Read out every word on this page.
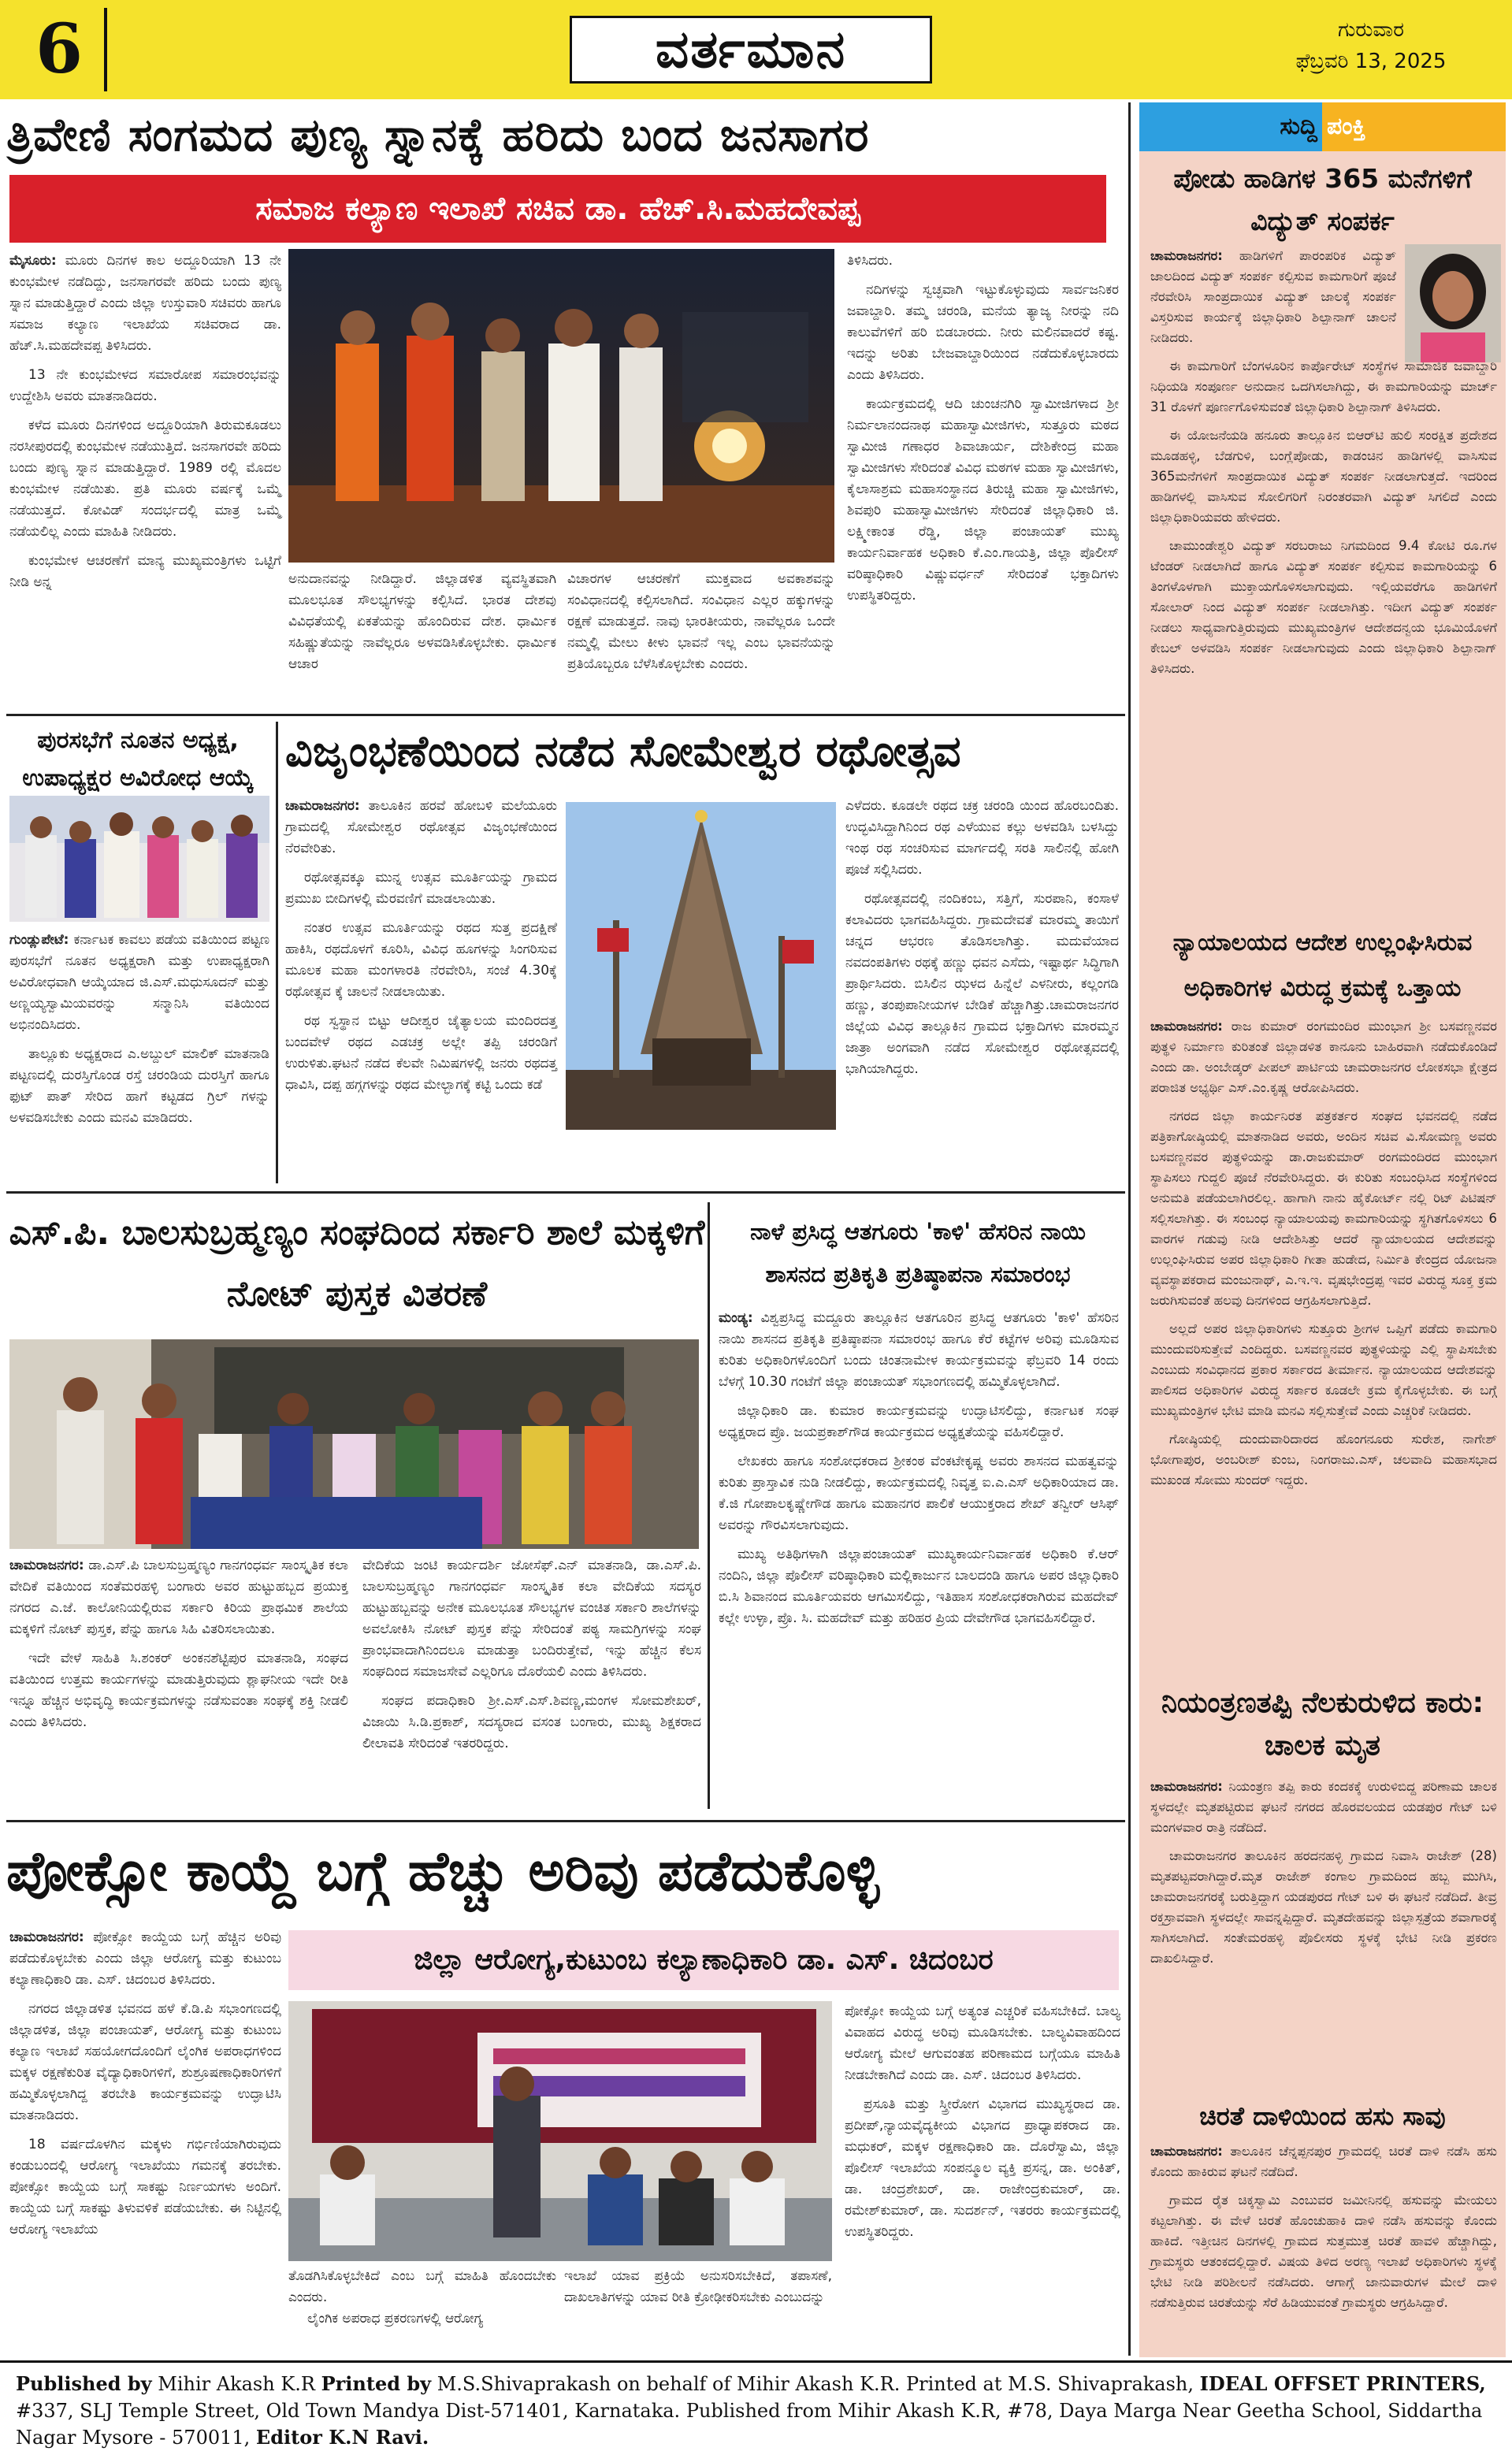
6	ವರ್ತಮಾನ	ಗುರುವಾರ
ಫೆಬ್ರವರಿ 13, 2025
ತ್ರಿವೇಣಿ ಸಂಗಮದ ಪುಣ್ಯ ಸ್ನಾನಕ್ಕೆ ಹರಿದು ಬಂದ ಜನಸಾಗರ
ಸಮಾಜ ಕಲ್ಯಾಣ ಇಲಾಖೆ ಸಚಿವ ಡಾ. ಹೆಚ್.ಸಿ.ಮಹದೇವಪ್ಪ

ಮೈಸೂರು: ಮೂರು ದಿನಗಳ ಕಾಲ ಅದ್ದೂರಿಯಾಗಿ 13 ನೇ ಕುಂಭಮೇಳ ನಡೆದಿದ್ದು, ಜನಸಾಗರವೇ ಹರಿದು ಬಂದು ಪುಣ್ಯ ಸ್ನಾನ ಮಾಡುತ್ತಿದ್ದಾರೆ ಎಂದು ಜಿಲ್ಲಾ ಉಸ್ತುವಾರಿ ಸಚಿವರು ಹಾಗೂ ಸಮಾಜ ಕಲ್ಯಾಣ ಇಲಾಖೆಯ ಸಚಿವರಾದ ಡಾ. ಹೆಚ್.ಸಿ.ಮಹದೇವಪ್ಪ ತಿಳಿಸಿದರು.

13 ನೇ ಕುಂಭಮೇಳದ ಸಮಾರೋಪ ಸಮಾರಂಭವನ್ನು ಉದ್ದೇಶಿಸಿ ಅವರು ಮಾತನಾಡಿದರು.

ಕಳೆದ ಮೂರು ದಿನಗಳಿಂದ ಅದ್ದೂರಿಯಾಗಿ ತಿರುಮಕೂಡಲು ನರಸೀಪುರದಲ್ಲಿ ಕುಂಭಮೇಳ ನಡೆಯುತ್ತಿದೆ. ಜನಸಾಗರವೇ ಹರಿದು ಬಂದು ಪುಣ್ಯ ಸ್ನಾನ ಮಾಡುತ್ತಿದ್ದಾರೆ. 1989 ರಲ್ಲಿ ಮೊದಲ ಕುಂಭಮೇಳ ನಡೆಯಿತು. ಪ್ರತಿ ಮೂರು ವರ್ಷಕ್ಕೆ ಒಮ್ಮೆ ನಡೆಯುತ್ತದೆ. ಕೋವಿಡ್ ಸಂದರ್ಭದಲ್ಲಿ ಮಾತ್ರ ಒಮ್ಮೆ ನಡೆಯಲಿಲ್ಲ ಎಂದು ಮಾಹಿತಿ ನೀಡಿದರು.

ಕುಂಭಮೇಳ ಆಚರಣೆಗೆ ಮಾನ್ಯ ಮುಖ್ಯಮಂತ್ರಿಗಳು ಒಟ್ಟಿಗೆ ನೀಡಿ ಅನ್ನ	ಅನುದಾನವನ್ನು ನೀಡಿದ್ದಾರೆ. ಜಿಲ್ಲಾಡಳಿತ ವ್ಯವಸ್ಥಿತವಾಗಿ ಮೂಲಭೂತ ಸೌಲಭ್ಯಗಳನ್ನು ಕಲ್ಪಿಸಿದೆ. ಭಾರತ ದೇಶವು ವಿವಿಧತೆಯಲ್ಲಿ ಏಕತೆಯನ್ನು ಹೊಂದಿರುವ ದೇಶ. ಧಾರ್ಮಿಕ ಸಹಿಷ್ಣುತೆಯನ್ನು ನಾವೆಲ್ಲರೂ ಅಳವಡಿಸಿಕೊಳ್ಳಬೇಕು. ಧಾರ್ಮಿಕ ಆಚಾರ
ವಿಚಾರಗಳ ಆಚರಣೆಗೆ ಮುಕ್ತವಾದ ಅವಕಾಶವನ್ನು ಸಂವಿಧಾನದಲ್ಲಿ ಕಲ್ಪಿಸಲಾಗಿದೆ. ಸಂವಿಧಾನ ಎಲ್ಲರ ಹಕ್ಕುಗಳನ್ನು ರಕ್ಷಣೆ ಮಾಡುತ್ತದೆ. ನಾವು ಭಾರತೀಯರು, ನಾವೆಲ್ಲರೂ ಒಂದೇ ನಮ್ಮಲ್ಲಿ ಮೇಲು ಕೀಳು ಭಾವನೆ ಇಲ್ಲ ಎಂಬ ಭಾವನೆಯನ್ನು ಪ್ರತಿಯೊಬ್ಬರೂ ಬೆಳೆಸಿಕೊಳ್ಳಬೇಕು ಎಂದರು.

ತಿಳಿಸಿದರು.

ನದಿಗಳನ್ನು ಸ್ವಚ್ಛವಾಗಿ ಇಟ್ಟುಕೊಳ್ಳುವುದು ಸಾರ್ವಜನಿಕರ ಜವಾಬ್ದಾರಿ. ತಮ್ಮ ಚರಂಡಿ, ಮನೆಯ ತ್ಯಾಜ್ಯ ನೀರನ್ನು ನದಿ ಕಾಲುವೆಗಳಿಗೆ ಹರಿ ಬಿಡಬಾರದು. ನೀರು ಮಲಿನವಾದರೆ ಕಷ್ಟ. ಇದನ್ನು ಅರಿತು ಬೇಜವಾಬ್ದಾರಿಯಿಂದ ನಡೆದುಕೊಳ್ಳಬಾರದು ಎಂದು ತಿಳಿಸಿದರು.

ಕಾರ್ಯಕ್ರಮದಲ್ಲಿ ಆದಿ ಚುಂಚನಗಿರಿ ಸ್ವಾಮೀಜಿಗಳಾದ ಶ್ರೀ ನಿರ್ಮಲಾನಂದನಾಥ ಮಹಾಸ್ವಾಮೀಜಿಗಳು, ಸುತ್ತೂರು ಮಠದ ಸ್ವಾಮೀಜಿ ಗಣಾಧರ ಶಿವಾಚಾರ್ಯ, ದೇಶಿಕೇಂದ್ರ ಮಹಾ ಸ್ವಾಮೀಜಿಗಳು ಸೇರಿದಂತೆ ವಿವಿಧ ಮಠಗಳ ಮಹಾ ಸ್ವಾಮೀಜಿಗಳು, ಕೈಲಾಸಾಶ್ರಮ ಮಹಾಸಂಸ್ಥಾನದ ತಿರುಚ್ಚಿ ಮಹಾ ಸ್ವಾಮೀಜಿಗಳು, ಶಿವಪುರಿ ಮಹಾಸ್ವಾಮೀಜಿಗಳು ಸೇರಿದಂತೆ ಜಿಲ್ಲಾಧಿಕಾರಿ ಜಿ. ಲಕ್ಷ್ಮೀಕಾಂತ ರೆಡ್ಡಿ, ಜಿಲ್ಲಾ ಪಂಚಾಯತ್ ಮುಖ್ಯ ಕಾರ್ಯನಿರ್ವಾಹಕ ಅಧಿಕಾರಿ ಕೆ.ಎಂ.ಗಾಯತ್ರಿ, ಜಿಲ್ಲಾ ಪೊಲೀಸ್ ವರಿಷ್ಠಾಧಿಕಾರಿ ವಿಷ್ಣುವರ್ಧನ್ ಸೇರಿದಂತೆ ಭಕ್ತಾದಿಗಳು ಉಪಸ್ಥಿತರಿದ್ದರು.

ಪುರಸಭೆಗೆ ನೂತನ ಅಧ್ಯಕ್ಷ, ಉಪಾಧ್ಯಕ್ಷರ ಅವಿರೋಧ ಆಯ್ಕೆ

ಗುಂಡ್ಲುಪೇಟೆ: ಕರ್ನಾಟಕ ಕಾವಲು ಪಡೆಯ ವತಿಯಿಂದ ಪಟ್ಟಣ ಪುರಸಭೆಗೆ ನೂತನ ಅಧ್ಯಕ್ಷರಾಗಿ ಮತ್ತು ಉಪಾಧ್ಯಕ್ಷರಾಗಿ ಅವಿರೋಧವಾಗಿ ಆಯ್ಕೆಯಾದ ಜಿ.ಎಸ್.ಮಧುಸೂದನ್ ಮತ್ತು ಅಣ್ಣಯ್ಯಸ್ವಾಮಿಯವರನ್ನು ಸನ್ಮಾನಿಸಿ ವತಿಯಿಂದ ಅಭಿನಂದಿಸಿದರು.

ತಾಲ್ಲೂಕು ಅಧ್ಯಕ್ಷರಾದ ಎ.ಅಬ್ದುಲ್ ಮಾಲಿಕ್ ಮಾತನಾಡಿ ಪಟ್ಟಣದಲ್ಲಿ ದುರಸ್ತಿಗೊಂಡ ರಸ್ತೆ ಚರಂಡಿಯ ದುರಸ್ತಿಗೆ ಹಾಗೂ ಫುಟ್ ಪಾತ್ ಸೇರಿದ ಹಾಗೆ ಕಟ್ಟಡದ ಗ್ರಿಲ್ ಗಳನ್ನು ಅಳವಡಿಸಬೇಕು ಎಂದು ಮನವಿ ಮಾಡಿದರು.

ವಿಜೃಂಭಣೆಯಿಂದ ನಡೆದ ಸೋಮೇಶ್ವರ ರಥೋತ್ಸವ

ಚಾಮರಾಜನಗರ: ತಾಲೂಕಿನ ಹರವೆ ಹೋಬಳಿ ಮಲೆಯೂರು ಗ್ರಾಮದಲ್ಲಿ ಸೋಮೇಶ್ವರ ರಥೋತ್ಸವ ವಿಜೃಂಭಣೆಯಿಂದ ನೆರವೇರಿತು.

ರಥೋತ್ಸವಕ್ಕೂ ಮುನ್ನ ಉತ್ಸವ ಮೂರ್ತಿಯನ್ನು ಗ್ರಾಮದ ಪ್ರಮುಖ ಬೀದಿಗಳಲ್ಲಿ ಮೆರವಣಿಗೆ ಮಾಡಲಾಯಿತು.

ನಂತರ ಉತ್ಸವ ಮೂರ್ತಿಯನ್ನು ರಥದ ಸುತ್ತ ಪ್ರದಕ್ಷಿಣೆ ಹಾಕಿಸಿ, ರಥದೊಳಗೆ ಕೂರಿಸಿ, ವಿವಿಧ ಹೂಗಳನ್ನು ಸಿಂಗರಿಸುವ ಮೂಲಕ ಮಹಾ ಮಂಗಳಾರತಿ ನೆರವೇರಿಸಿ, ಸಂಜೆ 4.30ಕ್ಕೆ ರಥೋತ್ಸವ ಕ್ಕೆ ಚಾಲನೆ ನೀಡಲಾಯಿತು.

ರಥ ಸ್ವಸ್ಥಾನ ಬಿಟ್ಟು ಆದೀಶ್ವರ ಚೈತ್ಯಾಲಯ ಮಂದಿರದತ್ತ ಬಂದವೇಳೆ ರಥದ ಎಡಚಕ್ರ ಅಲ್ಲೇ ತಪ್ಪಿ ಚರಂಡಿಗೆ ಉರುಳಿತು.ಘಟನೆ ನಡೆದ ಕೆಲವೇ ನಿಮಿಷಗಳಲ್ಲಿ ಜನರು ರಥದತ್ತ ಧಾವಿಸಿ, ದಪ್ಪ ಹಗ್ಗಗಳನ್ನು ರಥದ ಮೇಲ್ಭಾಗಕ್ಕೆ ಕಟ್ಟಿ ಒಂದು ಕಡೆ

ಎಳೆದರು. ಕೂಡಲೇ ರಥದ ಚಕ್ರ ಚರಂಡಿ ಯಿಂದ ಹೊರಬಂದಿತು. ಉದ್ಭವಿಸಿದ್ದಾಗಿನಿಂದ ರಥ ಎಳೆಯುವ ಕಲ್ಲು ಅಳವಡಿಸಿ ಬಳಸಿದ್ದು ಇಂಥ ರಥ ಸಂಚರಿಸುವ ಮಾರ್ಗದಲ್ಲಿ ಸರತಿ ಸಾಲಿನಲ್ಲಿ ಹೋಗಿ ಪೂಜೆ ಸಲ್ಲಿಸಿದರು.

ರಥೋತ್ಸವದಲ್ಲಿ ನಂದಿಕಂಬ, ಸತ್ತಿಗೆ, ಸುರಪಾನಿ, ಕಂಸಾಳೆ ಕಲಾವಿದರು ಭಾಗವಹಿಸಿದ್ದರು. ಗ್ರಾಮದೇವತೆ ಮಾರಮ್ಮ ತಾಯಿಗೆ ಚನ್ನದ ಆಭರಣ ತೊಡಿಸಲಾಗಿತ್ತು. ಮದುವೆಯಾದ ನವದಂಪತಿಗಳು ರಥಕ್ಕೆ ಹಣ್ಣು ಧವನ ಎಸೆದು, ಇಷ್ಟಾರ್ಥ ಸಿದ್ಧಿಗಾಗಿ ಪ್ರಾರ್ಥಿಸಿದರು. ಬಿಸಿಲಿನ ಝಳದ ಹಿನ್ನೆಲೆ ಎಳನೀರು, ಕಲ್ಲಂಗಡಿ ಹಣ್ಣು, ತಂಪುಪಾನೀಯಗಳ ಬೇಡಿಕೆ ಹೆಚ್ಚಾಗಿತ್ತು.ಚಾಮರಾಜನಗರ ಜಿಲ್ಲೆಯ ವಿವಿಧ ತಾಲ್ಲೂಕಿನ ಗ್ರಾಮದ ಭಕ್ತಾದಿಗಳು ಮಾರಮ್ಮನ ಜಾತ್ರಾ ಅಂಗವಾಗಿ ನಡೆದ ಸೋಮೇಶ್ವರ ರಥೋತ್ಸವದಲ್ಲಿ ಭಾಗಿಯಾಗಿದ್ದರು.

ಎಸ್.ಪಿ. ಬಾಲಸುಬ್ರಹ್ಮಣ್ಯಂ ಸಂಘದಿಂದ ಸರ್ಕಾರಿ ಶಾಲೆ ಮಕ್ಕಳಿಗೆ ನೋಟ್ ಪುಸ್ತಕ ವಿತರಣೆ

ಚಾಮರಾಜನಗರ: ಡಾ.ಎಸ್.ಪಿ ಬಾಲಸುಬ್ರಹ್ಮಣ್ಯಂ ಗಾನಗಂಧರ್ವ ಸಾಂಸ್ಕೃತಿಕ ಕಲಾ ವೇದಿಕೆ ವತಿಯಿಂದ ಸಂತೆಮರಹಳ್ಳಿ ಬಂಗಾರು ಅವರ ಹುಟ್ಟುಹಬ್ಬದ ಪ್ರಯುಕ್ತ ನಗರದ ಎ.ಜೆ. ಕಾಲೋನಿಯಲ್ಲಿರುವ ಸರ್ಕಾರಿ ಕಿರಿಯ ಪ್ರಾಥಮಿಕ ಶಾಲೆಯ ಮಕ್ಕಳಿಗೆ ನೋಟ್ ಪುಸ್ತಕ, ಪೆನ್ನು ಹಾಗೂ ಸಿಹಿ ವಿತರಿಸಲಾಯಿತು.

ಇದೇ ವೇಳೆ ಸಾಹಿತಿ ಸಿ.ಶಂಕರ್ ಅಂಕನಶೆಟ್ಟಿಪುರ ಮಾತನಾಡಿ, ಸಂಘದ ವತಿಯಿಂದ ಉತ್ತಮ ಕಾರ್ಯಗಳನ್ನು ಮಾಡುತ್ತಿರುವುದು ಶ್ಲಾಘನೀಯ ಇದೇ ರೀತಿ ಇನ್ನೂ ಹೆಚ್ಚಿನ ಅಭಿವೃದ್ಧಿ ಕಾರ್ಯಕ್ರಮಗಳನ್ನು ನಡೆಸುವಂತಾ ಸಂಘಕ್ಕೆ ಶಕ್ತಿ ನೀಡಲಿ ಎಂದು ತಿಳಿಸಿದರು.

ವೇದಿಕೆಯ ಜಂಟಿ ಕಾರ್ಯದರ್ಶಿ ಜೋಸೆಫ್.ಎನ್ ಮಾತನಾಡಿ, ಡಾ.ಎಸ್.ಪಿ. ಬಾಲಸುಬ್ರಹ್ಮಣ್ಯಂ ಗಾನಗಂಧರ್ವ ಸಾಂಸ್ಕೃತಿಕ ಕಲಾ ವೇದಿಕೆಯ ಸದಸ್ಯರ ಹುಟ್ಟುಹಬ್ಬವನ್ನು ಅನೇಕ ಮೂಲಭೂತ ಸೌಲಭ್ಯಗಳ ವಂಚಿತ ಸರ್ಕಾರಿ ಶಾಲೆಗಳನ್ನು ಅವಲೋಕಿಸಿ ನೋಟ್ ಪುಸ್ತಕ ಪೆನ್ನು ಸೇರಿದಂತೆ ಪಠ್ಯ ಸಾಮಗ್ರಿಗಳನ್ನು ಸಂಘ ಪ್ರಾಂಭವಾದಾಗಿನಿಂದಲೂ ಮಾಡುತ್ತಾ ಬಂದಿರುತ್ತೇವೆ, ಇನ್ನು ಹೆಚ್ಚಿನ ಕೆಲಸ ಸಂಘದಿಂದ ಸಮಾಜಸೇವೆ ಎಲ್ಲರಿಗೂ ದೊರೆಯಲಿ ಎಂದು ತಿಳಿಸಿದರು.

ಸಂಘದ ಪದಾಧಿಕಾರಿ ಶ್ರೀ.ಎಸ್.ಎಸ್.ಶಿವಣ್ಣ,ಮಂಗಳ ಸೋಮಶೇಖರ್, ವಿಜಾಯಿ ಸಿ.ಡಿ.ಪ್ರಕಾಶ್, ಸದಸ್ಯರಾದ ವಸಂತ ಬಂಗಾರು, ಮುಖ್ಯ ಶಿಕ್ಷಕರಾದ ಲೀಲಾವತಿ ಸೇರಿದಂತೆ ಇತರರಿದ್ದರು.

ನಾಳೆ ಪ್ರಸಿದ್ಧ ಆತಗೂರು 'ಕಾಳಿ' ಹೆಸರಿನ ನಾಯಿ ಶಾಸನದ ಪ್ರತಿಕೃತಿ ಪ್ರತಿಷ್ಠಾಪನಾ ಸಮಾರಂಭ

ಮಂಡ್ಯ: ವಿಶ್ವಪ್ರಸಿದ್ಧ ಮದ್ದೂರು ತಾಲ್ಲೂಕಿನ ಆತಗೂರಿನ ಪ್ರಸಿದ್ಧ ಆತಗೂರು 'ಕಾಳಿ' ಹೆಸರಿನ ನಾಯಿ ಶಾಸನದ ಪ್ರತಿಕೃತಿ ಪ್ರತಿಷ್ಠಾಪನಾ ಸಮಾರಂಭ ಹಾಗೂ ಕೆರೆ ಕಟ್ಟೆಗಳ ಅರಿವು ಮೂಡಿಸುವ ಕುರಿತು ಅಧಿಕಾರಿಗಳೊಂದಿಗೆ ಬಂದು ಚಿಂತನಾಮೇಳ ಕಾರ್ಯಕ್ರಮವನ್ನು ಫೆಬ್ರವರಿ 14 ರಂದು ಬೆಳಗ್ಗೆ 10.30 ಗಂಟೆಗೆ ಜಿಲ್ಲಾ ಪಂಚಾಯತ್ ಸಭಾಂಗಣದಲ್ಲಿ ಹಮ್ಮಿಕೊಳ್ಳಲಾಗಿದೆ.

ಜಿಲ್ಲಾಧಿಕಾರಿ ಡಾ. ಕುಮಾರ ಕಾರ್ಯಕ್ರಮವನ್ನು ಉದ್ಘಾಟಿಸಲಿದ್ದು, ಕರ್ನಾಟಕ ಸಂಘ ಅಧ್ಯಕ್ಷರಾದ ಪ್ರೊ. ಜಯಪ್ರಕಾಶ್‌ಗೌಡ ಕಾರ್ಯಕ್ರಮದ ಅಧ್ಯಕ್ಷತೆಯನ್ನು ವಹಿಸಲಿದ್ದಾರೆ.

ಲೇಖಕರು ಹಾಗೂ ಸಂಶೋಧಕರಾದ ಶ್ರೀಕಂಠ ವೆಂಕಟೇಕೃಷ್ಣ ಅವರು ಶಾಸನದ ಮಹತ್ವವನ್ನು ಕುರಿತು ಪ್ರಾಸ್ತಾವಿಕ ನುಡಿ ನೀಡಲಿದ್ದು, ಕಾರ್ಯಕ್ರಮದಲ್ಲಿ ನಿವೃತ್ತ ಐ.ಎ.ಎಸ್ ಅಧಿಕಾರಿಯಾದ ಡಾ. ಕೆ.ಜಿ ಗೋಪಾಲಕೃಷ್ಣೇಗೌಡ ಹಾಗೂ ಮಹಾನಗರ ಪಾಲಿಕೆ ಆಯುಕ್ತರಾದ ಶೇಖ್ ತನ್ವೀರ್ ಆಸಿಫ್ ಅವರನ್ನು ಗೌರವಿಸಲಾಗುವುದು.

ಮುಖ್ಯ ಅತಿಥಿಗಳಾಗಿ ಜಿಲ್ಲಾಪಂಚಾಯತ್ ಮುಖ್ಯಕಾರ್ಯನಿರ್ವಾಹಕ ಅಧಿಕಾರಿ ಕೆ.ಆರ್ ನಂದಿನಿ, ಜಿಲ್ಲಾ ಪೊಲೀಸ್ ವರಿಷ್ಠಾಧಿಕಾರಿ ಮಲ್ಲಿಕಾರ್ಜುನ ಬಾಲದಂಡಿ ಹಾಗೂ ಅಪರ ಜಿಲ್ಲಾಧಿಕಾರಿ ಬಿ.ಸಿ ಶಿವಾನಂದ ಮೂರ್ತಿಯವರು ಆಗಮಿಸಲಿದ್ದು, ಇತಿಹಾಸ ಸಂಶೋಧಕರಾಗಿರುವ ಮಹದೇವ್ ಕಲ್ಲೇ ಉಳ್ಳಾ, ಪ್ರೊ. ಸಿ. ಮಹದೇವ್ ಮತ್ತು ಹರಿಹರ ಪ್ರಿಯ ದೇವೇಗೌಡ ಭಾಗವಹಿಸಲಿದ್ದಾರೆ.

ಪೋಕ್ಸೋ ಕಾಯ್ದೆ ಬಗ್ಗೆ ಹೆಚ್ಚು ಅರಿವು ಪಡೆದುಕೊಳ್ಳಿ

ಚಾಮರಾಜನಗರ: ಪೋಕ್ಸೋ ಕಾಯ್ದೆಯ ಬಗ್ಗೆ ಹೆಚ್ಚಿನ ಅರಿವು ಪಡೆದುಕೊಳ್ಳಬೇಕು ಎಂದು ಜಿಲ್ಲಾ ಆರೋಗ್ಯ ಮತ್ತು ಕುಟುಂಬ ಕಲ್ಯಾಣಾಧಿಕಾರಿ ಡಾ. ಎಸ್. ಚಿದಂಬರ ತಿಳಿಸಿದರು.

ನಗರದ ಜಿಲ್ಲಾಡಳಿತ ಭವನದ ಹಳೆ ಕೆ.ಡಿ.ಪಿ ಸಭಾಂಗಣದಲ್ಲಿ ಜಿಲ್ಲಾಡಳಿತ, ಜಿಲ್ಲಾ ಪಂಚಾಯತ್, ಆರೋಗ್ಯ ಮತ್ತು ಕುಟುಂಬ ಕಲ್ಯಾಣ ಇಲಾಖೆ ಸಹಯೋಗದೊಂದಿಗೆ ಲೈಂಗಿಕ ಅಪರಾಧಗಳಿಂದ ಮಕ್ಕಳ ರಕ್ಷಣೆಕುರಿತ ವೈದ್ಯಾಧಿಕಾರಿಗಳಿಗೆ, ಶುಶ್ರೂಷಣಾಧಿಕಾರಿಗಳಿಗೆ ಹಮ್ಮಿಕೊಳ್ಳಲಾಗಿದ್ದ ತರಬೇತಿ ಕಾರ್ಯಕ್ರಮವನ್ನು ಉದ್ಘಾಟಿಸಿ ಮಾತನಾಡಿದರು.

18 ವರ್ಷದೊಳಗಿನ ಮಕ್ಕಳು ಗರ್ಭಿಣಿಯಾಗಿರುವುದು ಕಂಡುಬಂದಲ್ಲಿ ಆರೋಗ್ಯ ಇಲಾಖೆಯು ಗಮನಕ್ಕೆ ತರಬೇಕು. ಪೋಕ್ಸೋ ಕಾಯ್ದೆಯ ಬಗ್ಗೆ ಸಾಕಷ್ಟು ನಿರ್ಣಯಗಳು ಅಂದಿಗೆ. ಕಾಯ್ದೆಯ ಬಗ್ಗೆ ಸಾಕಷ್ಟು ತಿಳುವಳಿಕೆ ಪಡೆಯಬೇಕು. ಈ ನಿಟ್ಟಿನಲ್ಲಿ ಆರೋಗ್ಯ ಇಲಾಖೆಯ

ಜಿಲ್ಲಾ ಆರೋಗ್ಯ,ಕುಟುಂಬ ಕಲ್ಯಾಣಾಧಿಕಾರಿ ಡಾ. ಎಸ್. ಚಿದಂಬರ

ತೊಡಗಿಸಿಕೊಳ್ಳಬೇಕಿದೆ ಎಂಬ ಬಗ್ಗೆ ಮಾಹಿತಿ ಹೊಂದಬೇಕು ಎಂದರು.

ಲೈಂಗಿಕ ಅಪರಾಧ ಪ್ರಕರಣಗಳಲ್ಲಿ ಆರೋಗ್ಯ

ಇಲಾಖೆ ಯಾವ ಪ್ರಕ್ರಿಯೆ ಅನುಸರಿಸಬೇಕಿದೆ, ತಪಾಸಣೆ, ದಾಖಲಾತಿಗಳನ್ನು ಯಾವ ರೀತಿ ಕ್ರೋಢೀಕರಿಸಬೇಕು ಎಂಬುದನ್ನು

ಪೋಕ್ಸೋ ಕಾಯ್ದೆಯ ಬಗ್ಗೆ ಅತ್ಯಂತ ಎಚ್ಚರಿಕೆ ವಹಿಸಬೇಕಿದೆ. ಬಾಲ್ಯ ವಿವಾಹದ ವಿರುದ್ಧ ಅರಿವು ಮೂಡಿಸಬೇಕು. ಬಾಲ್ಯವಿವಾಹದಿಂದ ಆರೋಗ್ಯ ಮೇಲೆ ಆಗುವಂತಹ ಪರಿಣಾಮದ ಬಗ್ಗೆಯೂ ಮಾಹಿತಿ ನೀಡಬೇಕಾಗಿದೆ ಎಂದು ಡಾ. ಎಸ್. ಚಿದಂಬರ ತಿಳಿಸಿದರು.

ಪ್ರಸೂತಿ ಮತ್ತು ಸ್ತ್ರೀರೋಗ ವಿಭಾಗದ ಮುಖ್ಯಸ್ಥರಾದ ಡಾ. ಪ್ರದೀಪ್,ನ್ಯಾಯವೈದ್ಯಕೀಯ ವಿಭಾಗದ ಪ್ರಾಧ್ಯಾಪಕರಾದ ಡಾ. ಮಧುಕರ್, ಮಕ್ಕಳ ರಕ್ಷಣಾಧಿಕಾರಿ ಡಾ. ದೊರೆಸ್ವಾಮಿ, ಜಿಲ್ಲಾ ಪೊಲೀಸ್ ಇಲಾಖೆಯ ಸಂಪನ್ಮೂಲ ವ್ಯಕ್ತಿ ಪ್ರಸನ್ನ, ಡಾ. ಅಂಕಿತ್, ಡಾ. ಚಂದ್ರಶೇಖರ್, ಡಾ. ರಾಜೇಂದ್ರಕುಮಾರ್, ಡಾ. ರಮೇಶ್‌ಕುಮಾರ್, ಡಾ. ಸುದರ್ಶನ್, ಇತರರು ಕಾರ್ಯಕ್ರಮದಲ್ಲಿ ಉಪಸ್ಥಿತರಿದ್ದರು.

ಸುದ್ದಿ ಪಂಕ್ತಿ
ಪೋಡು ಹಾಡಿಗಳ 365 ಮನೆಗಳಿಗೆ ವಿದ್ಯುತ್ ಸಂಪರ್ಕ

ಚಾಮರಾಜನಗರ: ಹಾಡಿಗಳಿಗೆ ಪಾರಂಪರಿಕ ವಿದ್ಯುತ್ ಜಾಲದಿಂದ ವಿದ್ಯುತ್ ಸಂಪರ್ಕ ಕಲ್ಪಿಸುವ ಕಾಮಗಾರಿಗೆ ಪೂಜೆ ನೆರವೇರಿಸಿ ಸಾಂಪ್ರದಾಯಿಕ ವಿದ್ಯುತ್ ಜಾಲಕ್ಕೆ ಸಂಪರ್ಕ ವಿಸ್ತರಿಸುವ ಕಾರ್ಯಕ್ಕೆ ಜಿಲ್ಲಾಧಿಕಾರಿ ಶಿಲ್ಪಾನಾಗ್ ಚಾಲನೆ ನೀಡಿದರು.

ಈ ಕಾಮಗಾರಿಗೆ ಬೆಂಗಳೂರಿನ ಕಾರ್ಪೊರೇಟ್ ಸಂಸ್ಥೆಗಳ ಸಾಮಾಜಿಕ ಜವಾಬ್ದಾರಿ ನಿಧಿಯಡಿ ಸಂಪೂರ್ಣ ಅನುದಾನ ಒದಗಿಸಲಾಗಿದ್ದು, ಈ ಕಾಮಗಾರಿಯನ್ನು ಮಾರ್ಚ್ 31 ರೊಳಗೆ ಪೂರ್ಣಗೊಳಿಸುವಂತೆ ಜಿಲ್ಲಾಧಿಕಾರಿ ಶಿಲ್ಪಾನಾಗ್ ತಿಳಿಸಿದರು.

ಈ ಯೋಜನೆಯಡಿ ಹನೂರು ತಾಲ್ಲೂಕಿನ ಬಿಆರ್‌ಟಿ ಹುಲಿ ಸಂರಕ್ಷಿತ ಪ್ರದೇಶದ ಮೂಡಹಳ್ಳಿ, ಬೆಡಗುಳಿ, ಬಂಗ್ಲೆಪೋಡು, ಕಾಡಂಚಿನ ಹಾಡಿಗಳಲ್ಲಿ ವಾಸಿಸುವ 365ಮನೆಗಳಿಗೆ ಸಾಂಪ್ರದಾಯಿಕ ವಿದ್ಯುತ್ ಸಂಪರ್ಕ ನೀಡಲಾಗುತ್ತದೆ. ಇದರಿಂದ ಹಾಡಿಗಳಲ್ಲಿ ವಾಸಿಸುವ ಸೋಲಿಗರಿಗೆ ನಿರಂತರವಾಗಿ ವಿದ್ಯುತ್ ಸಿಗಲಿದೆ ಎಂದು ಜಿಲ್ಲಾಧಿಕಾರಿಯವರು ಹೇಳಿದರು.

ಚಾಮುಂಡೇಶ್ವರಿ ವಿದ್ಯುತ್ ಸರಬರಾಜು ನಿಗಮದಿಂದ 9.4 ಕೋಟಿ ರೂ.ಗಳ ಟೆಂಡರ್ ನೀಡಲಾಗಿದೆ ಹಾಗೂ ವಿದ್ಯುತ್ ಸಂಪರ್ಕ ಕಲ್ಪಿಸುವ ಕಾಮಗಾರಿಯನ್ನು 6 ತಿಂಗಳೊಳಗಾಗಿ ಮುಕ್ತಾಯಗೊಳಿಸಲಾಗುವುದು. ಇಲ್ಲಿಯವರೆಗೂ ಹಾಡಿಗಳಿಗೆ ಸೋಲಾರ್ ನಿಂದ ವಿದ್ಯುತ್ ಸಂಪರ್ಕ ನೀಡಲಾಗಿತ್ತು. ಇದೀಗ ವಿದ್ಯುತ್ ಸಂಪರ್ಕ ನೀಡಲು ಸಾಧ್ಯವಾಗುತ್ತಿರುವುದು ಮುಖ್ಯಮಂತ್ರಿಗಳ ಆದೇಶದನ್ವಯ ಭೂಮಿಯೊಳಗೆ ಕೇಬಲ್ ಅಳವಡಿಸಿ ಸಂಪರ್ಕ ನೀಡಲಾಗುವುದು ಎಂದು ಜಿಲ್ಲಾಧಿಕಾರಿ ಶಿಲ್ಪಾನಾಗ್ ತಿಳಿಸಿದರು.

ನ್ಯಾಯಾಲಯದ ಆದೇಶ ಉಲ್ಲಂಘಿಸಿರುವ ಅಧಿಕಾರಿಗಳ ವಿರುದ್ಧ ಕ್ರಮಕ್ಕೆ ಒತ್ತಾಯ

ಚಾಮರಾಜನಗರ: ರಾಜ ಕುಮಾರ್ ರಂಗಮಂದಿರ ಮುಂಭಾಗ ಶ್ರೀ ಬಸವಣ್ಣನವರ ಪುತ್ಥಳಿ ನಿರ್ಮಾಣ ಕುರಿತಂತೆ ಜಿಲ್ಲಾಡಳಿತ ಕಾನೂನು ಬಾಹಿರವಾಗಿ ನಡೆದುಕೊಂಡಿದೆ ಎಂದು ಡಾ. ಅಂಬೇಡ್ಕರ್ ಪೀಪಲ್ ಪಾರ್ಟಿಯ ಚಾಮರಾಜನಗರ ಲೋಕಸಭಾ ಕ್ಷೇತ್ರದ ಪರಾಜಿತ ಅಭ್ಯರ್ಥಿ ಎಸ್.ಎಂ.ಕೃಷ್ಣ ಆರೋಪಿಸಿದರು.

ನಗರದ ಜಿಲ್ಲಾ ಕಾರ್ಯನಿರತ ಪತ್ರಕರ್ತರ ಸಂಘದ ಭವನದಲ್ಲಿ ನಡೆದ ಪತ್ರಿಕಾಗೋಷ್ಠಿಯಲ್ಲಿ ಮಾತನಾಡಿದ ಅವರು, ಅಂದಿನ ಸಚಿವ ವಿ.ಸೋಮಣ್ಣ ಅವರು ಬಸವಣ್ಣನವರ ಪುತ್ಥಳಿಯನ್ನು ಡಾ.ರಾಜಕುಮಾರ್ ರಂಗಮಂದಿರದ ಮುಂಭಾಗ ಸ್ಥಾಪಿಸಲು ಗುದ್ದಲಿ ಪೂಜೆ ನೆರವೇರಿಸಿದ್ದರು. ಈ ಕುರಿತು ಸಂಬಂಧಿಸಿದ ಸಂಸ್ಥೆಗಳಿಂದ ಅನುಮತಿ ಪಡೆಯಲಾಗಿರಲಿಲ್ಲ. ಹಾಗಾಗಿ ನಾನು ಹೈಕೋರ್ಟ್ ನಲ್ಲಿ ರಿಟ್ ಪಿಟಿಷನ್ ಸಲ್ಲಿಸಲಾಗಿತ್ತು. ಈ ಸಂಬಂಧ ನ್ಯಾಯಾಲಯವು ಕಾಮಗಾರಿಯನ್ನು ಸ್ಥಗಿತಗೊಳಿಸಲು 6 ವಾರಗಳ ಗಡುವು ನೀಡಿ ಆದೇಶಿಸಿತ್ತು ಆದರೆ ನ್ಯಾಯಾಲಯದ ಆದೇಶವನ್ನು ಉಲ್ಲಂಘಿಸಿರುವ ಅಪರ ಜಿಲ್ಲಾಧಿಕಾರಿ ಗೀತಾ ಹುಡೇದ, ನಿರ್ಮಿತಿ ಕೇಂದ್ರದ ಯೋಜನಾ ವ್ಯವಸ್ಥಾಪಕರಾದ ಮಂಜುನಾಥ್, ಎ.ಇ.ಇ. ವೃಷಭೇಂದ್ರಪ್ಪ ಇವರ ವಿರುದ್ಧ ಸೂಕ್ತ ಕ್ರಮ ಜರುಗಿಸುವಂತೆ ಹಲವು ದಿನಗಳಿಂದ ಆಗ್ರಹಿಸಲಾಗುತ್ತಿದೆ.

ಅಲ್ಲದೆ ಅಪರ ಜಿಲ್ಲಾಧಿಕಾರಿಗಳು ಸುತ್ತೂರು ಶ್ರೀಗಳ ಒಪ್ಪಿಗೆ ಪಡೆದು ಕಾಮಗಾರಿ ಮುಂದುವರಿಸುತ್ತೇವೆ ಎಂದಿದ್ದರು. ಬಸವಣ್ಣನವರ ಪುತ್ಥಳಿಯನ್ನು ಎಲ್ಲಿ ಸ್ಥಾಪಿಸಬೇಕು ಎಂಬುದು ಸಂವಿಧಾನದ ಪ್ರಕಾರ ಸರ್ಕಾರದ ತೀರ್ಮಾನ. ನ್ಯಾಯಾಲಯದ ಆದೇಶವನ್ನು ಪಾಲಿಸದ ಅಧಿಕಾರಿಗಳ ವಿರುದ್ಧ ಸರ್ಕಾರ ಕೂಡಲೇ ಕ್ರಮ ಕೈಗೊಳ್ಳಬೇಕು. ಈ ಬಗ್ಗೆ ಮುಖ್ಯಮಂತ್ರಿಗಳ ಭೇಟಿ ಮಾಡಿ ಮನವಿ ಸಲ್ಲಿಸುತ್ತೇವೆ ಎಂದು ಎಚ್ಚರಿಕೆ ನೀಡಿದರು.

ಗೋಷ್ಠಿಯಲ್ಲಿ ದುಂದುವಾರಿದಾರದ ಹೊಂಗನೂರು ಸುರೇಶ, ನಾಗೇಶ್ ಭೋಗಾಪುರ, ಅಂಬರೀಶ್ ಕುಂಬ, ನಿಂಗರಾಜು.ಎಸ್, ಚಲವಾದಿ ಮಹಾಸಭಾದ ಮುಖಂಡ ಸೋಮು ಸುಂದರ್ ಇದ್ದರು.

ನಿಯಂತ್ರಣತಪ್ಪಿ ನೆಲಕುರುಳಿದ ಕಾರು: ಚಾಲಕ ಮೃತ

ಚಾಮರಾಜನಗರ: ನಿಯಂತ್ರಣ ತಪ್ಪಿ ಕಾರು ಕಂದಕಕ್ಕೆ ಉರುಳಿಬಿದ್ದ ಪರಿಣಾಮ ಚಾಲಕ ಸ್ಥಳದಲ್ಲೇ ಮೃತಪಟ್ಟಿರುವ ಘಟನೆ ನಗರದ ಹೊರವಲಯದ ಯಡಪುರ ಗೇಟ್ ಬಳಿ ಮಂಗಳವಾರ ರಾತ್ರಿ ನಡೆದಿದೆ.

ಚಾಮರಾಜನಗರ ತಾಲೂಕಿನ ಹರದನಹಳ್ಳಿ ಗ್ರಾಮದ ನಿವಾಸಿ ರಾಜೇಶ್ (28) ಮೃತಪಟ್ಟವರಾಗಿದ್ದಾರೆ.ಮೃತ ರಾಜೇಶ್ ಕಂಗಾಲ ಗ್ರಾಮದಿಂದ ಹಬ್ಬ ಮುಗಿಸಿ, ಚಾಮರಾಜನಗರಕ್ಕೆ ಬರುತ್ತಿದ್ದಾಗ ಯಡಪುರದ ಗೇಟ್ ಬಳಿ ಈ ಘಟನೆ ನಡೆದಿದೆ. ತೀವ್ರ ರಕ್ತಸ್ರಾವವಾಗಿ ಸ್ಥಳದಲ್ಲೇ ಸಾವನ್ನಪ್ಪಿದ್ದಾರೆ. ಮೃತದೇಹವನ್ನು ಜಿಲ್ಲಾಸ್ಪತ್ರೆಯ ಶವಾಗಾರಕ್ಕೆ ಸಾಗಿಸಲಾಗಿದೆ. ಸಂತೇಮರಹಳ್ಳಿ ಪೊಲೀಸರು ಸ್ಥಳಕ್ಕೆ ಭೇಟಿ ನೀಡಿ ಪ್ರಕರಣ ದಾಖಲಿಸಿದ್ದಾರೆ.

ಚಿರತೆ ದಾಳಿಯಿಂದ ಹಸು ಸಾವು

ಚಾಮರಾಜನಗರ: ತಾಲೂಕಿನ ಚೆನ್ನಪ್ಪನಪುರ ಗ್ರಾಮದಲ್ಲಿ ಚಿರತೆ ದಾಳಿ ನಡೆಸಿ ಹಸು ಕೊಂದು ಹಾಕಿರುವ ಘಟನೆ ನಡೆದಿದೆ.

ಗ್ರಾಮದ ರೈತ ಚಿಕ್ಕಸ್ವಾಮಿ ಎಂಬುವರ ಜಮೀನಿನಲ್ಲಿ ಹಸುವನ್ನು ಮೇಯಲು ಕಟ್ಟಲಾಗಿತ್ತು. ಈ ವೇಳೆ ಚಿರತೆ ಹೊಂಚುಹಾಕಿ ದಾಳಿ ನಡೆಸಿ ಹಸುವನ್ನು ಕೊಂದು ಹಾಕಿದೆ. ಇತ್ತೀಚಿನ ದಿನಗಳಲ್ಲಿ ಗ್ರಾಮದ ಸುತ್ತಮುತ್ತ ಚಿರತೆ ಹಾವಳಿ ಹೆಚ್ಚಾಗಿದ್ದು, ಗ್ರಾಮಸ್ಥರು ಆತಂಕದಲ್ಲಿದ್ದಾರೆ. ವಿಷಯ ತಿಳಿದ ಅರಣ್ಯ ಇಲಾಖೆ ಅಧಿಕಾರಿಗಳು ಸ್ಥಳಕ್ಕೆ ಭೇಟಿ ನೀಡಿ ಪರಿಶೀಲನೆ ನಡೆಸಿದರು. ಆಗಾಗ್ಗೆ ಜಾನುವಾರುಗಳ ಮೇಲೆ ದಾಳಿ ನಡೆಸುತ್ತಿರುವ ಚಿರತೆಯನ್ನು ಸೆರೆ ಹಿಡಿಯುವಂತೆ ಗ್ರಾಮಸ್ಥರು ಆಗ್ರಹಿಸಿದ್ದಾರೆ.

Published by Mihir Akash K.R Printed by M.S.Shivaprakash on behalf of Mihir Akash K.R. Printed at M.S. Shivaprakash, IDEAL OFFSET PRINTERS, #337, SLJ Temple Street, Old Town Mandya Dist-571401, Karnataka. Published from Mihir Akash K.R, #78, Daya Marga Near Geetha School, Siddartha Nagar Mysore - 570011, Editor K.N Ravi.
